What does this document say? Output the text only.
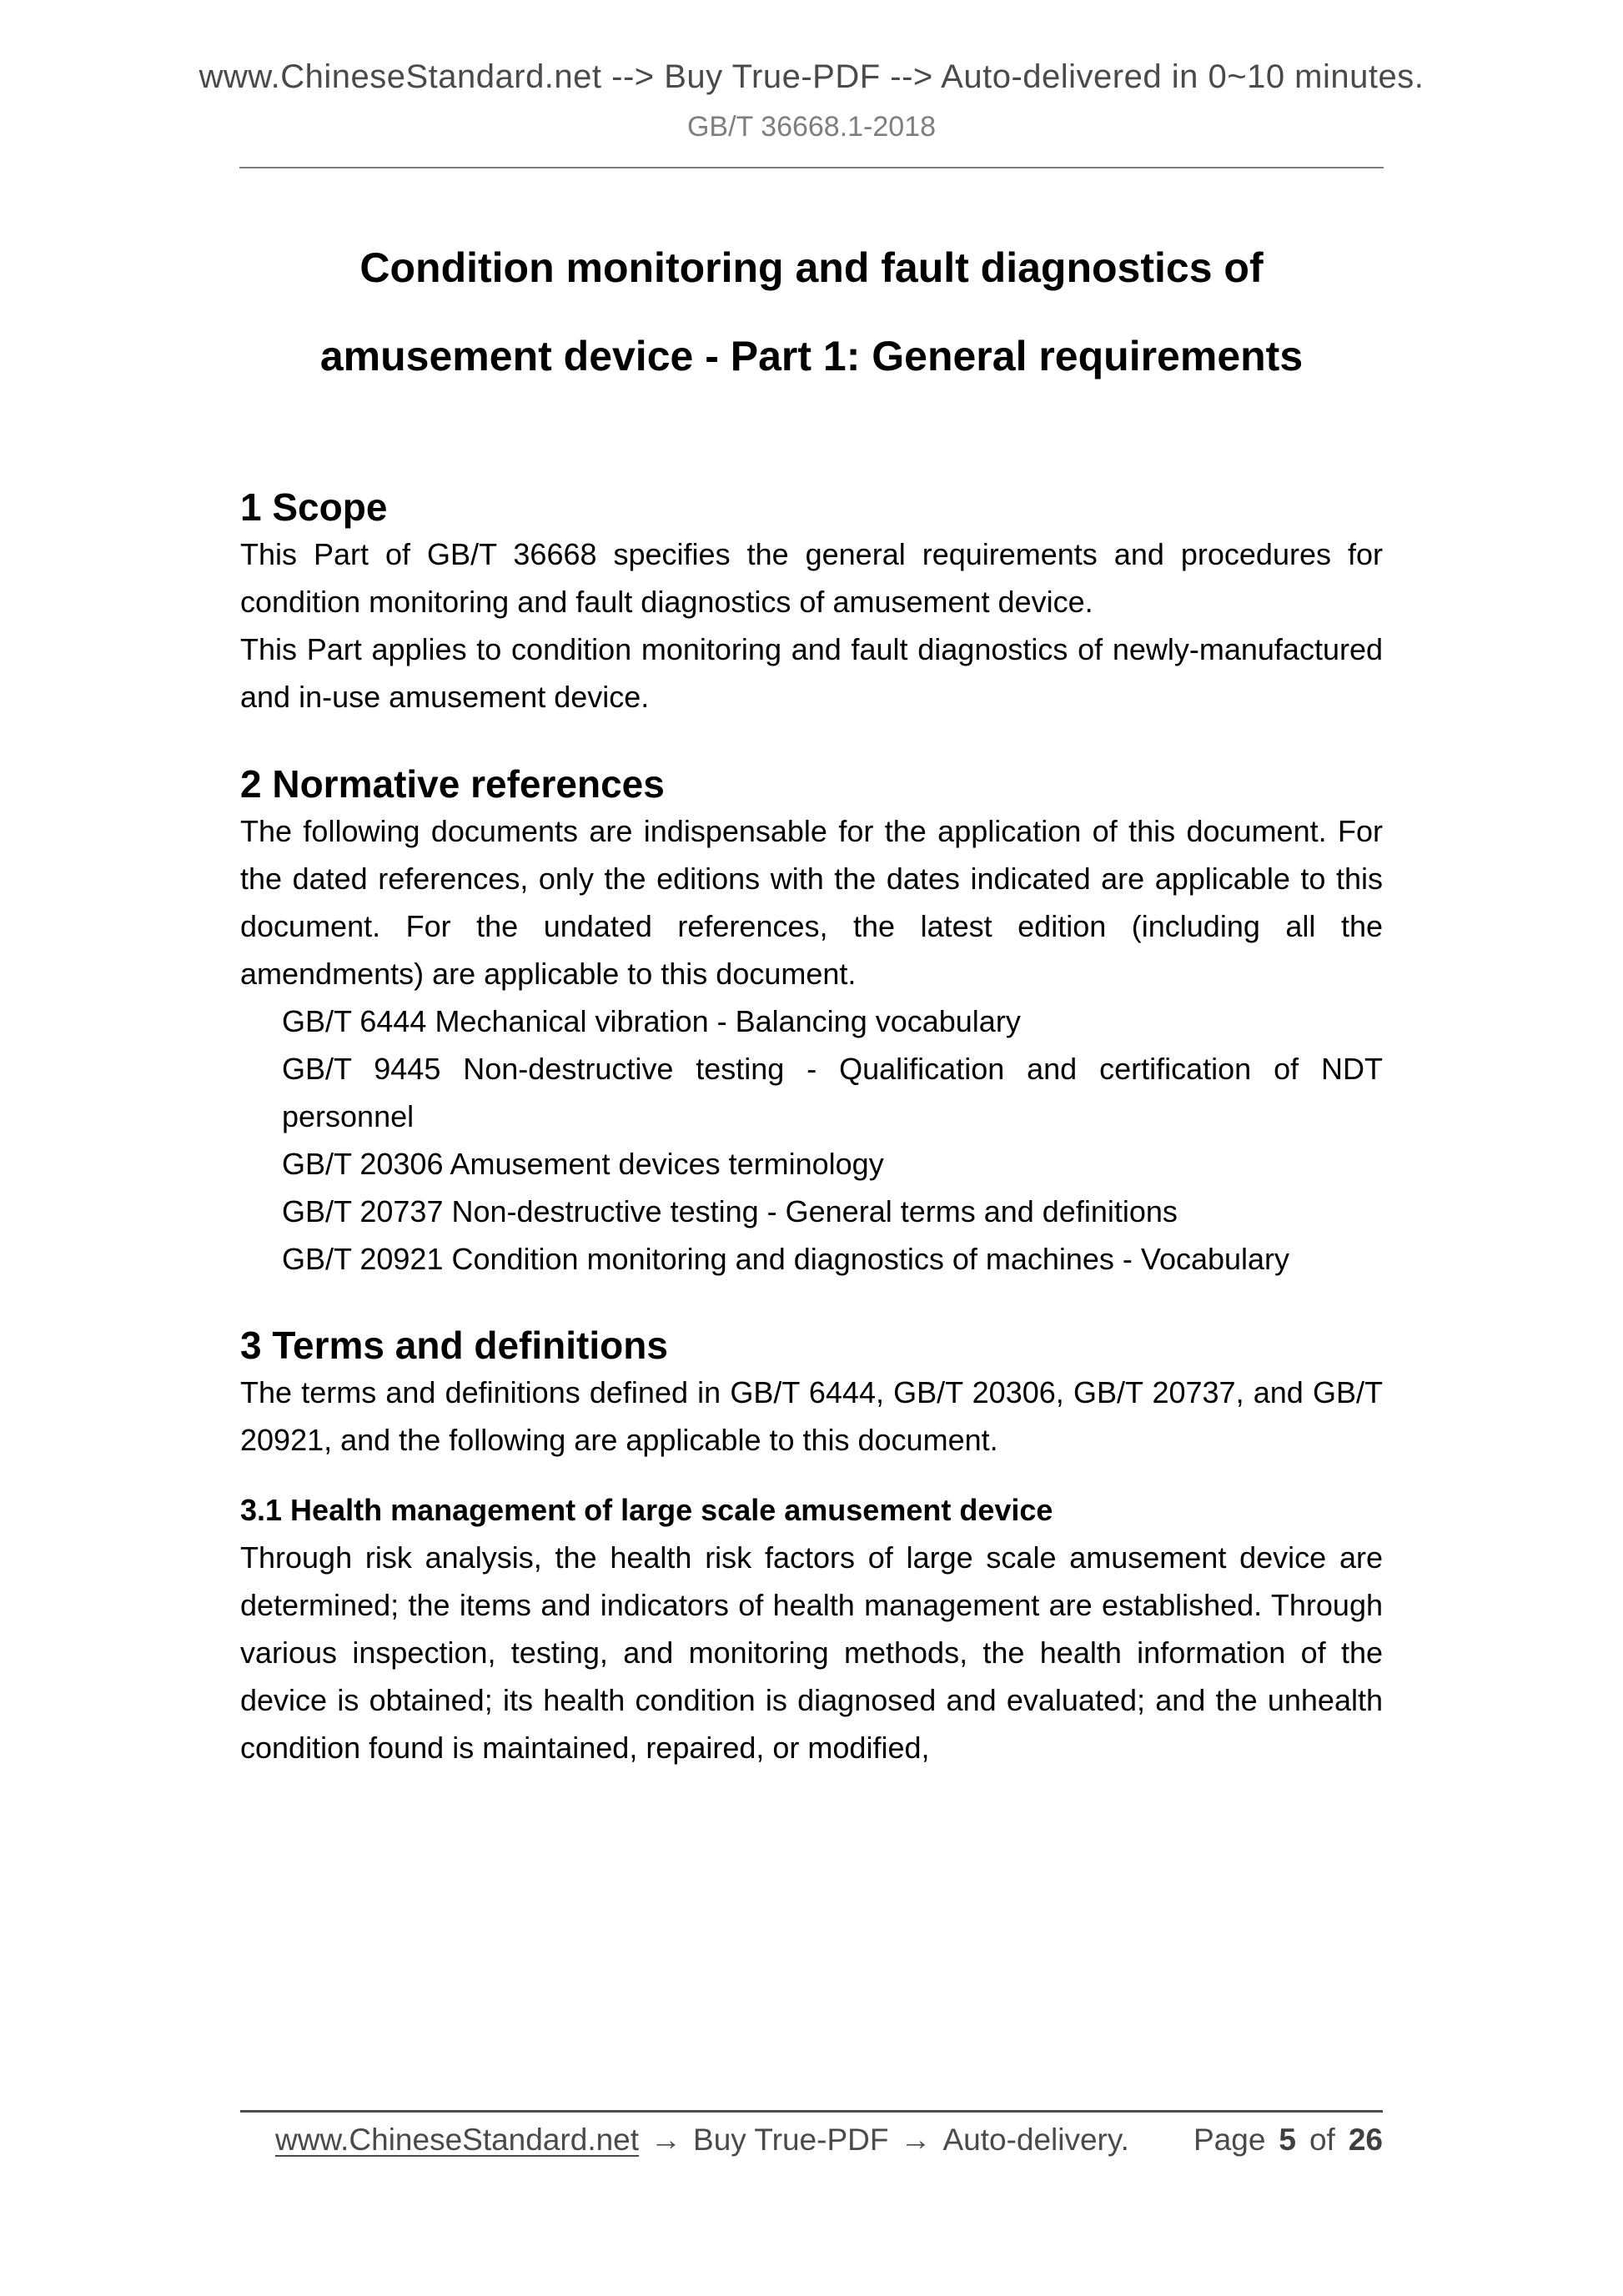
www.ChineseStandard.net --> Buy True-PDF --> Auto-delivered in 0~10 minutes.
GB/T 36668.1-2018
Condition monitoring and fault diagnostics of
amusement device - Part 1: General requirements
1 Scope

This Part of GB/T 36668 specifies the general requirements and procedures for condition monitoring and fault diagnostics of amusement device.

This Part applies to condition monitoring and fault diagnostics of newly-manufactured and in-use amusement device.

2 Normative references

The following documents are indispensable for the application of this document. For the dated references, only the editions with the dates indicated are applicable to this document. For the undated references, the latest edition (including all the amendments) are applicable to this document.

GB/T 6444 Mechanical vibration - Balancing vocabulary

GB/T 9445 Non-destructive testing - Qualification and certification of NDT personnel

GB/T 20306 Amusement devices terminology

GB/T 20737 Non-destructive testing - General terms and definitions

GB/T 20921 Condition monitoring and diagnostics of machines - Vocabulary

3 Terms and definitions

The terms and definitions defined in GB/T 6444, GB/T 20306, GB/T 20737, and GB/T 20921, and the following are applicable to this document.

3.1 Health management of large scale amusement device

Through risk analysis, the health risk factors of large scale amusement device are determined; the items and indicators of health management are established. Through various inspection, testing, and monitoring methods, the health information of the device is obtained; its health condition is diagnosed and evaluated; and the unhealth condition found is maintained, repaired, or modified,

www.ChineseStandard.net → Buy True-PDF → Auto-delivery. Page 5 of 26
